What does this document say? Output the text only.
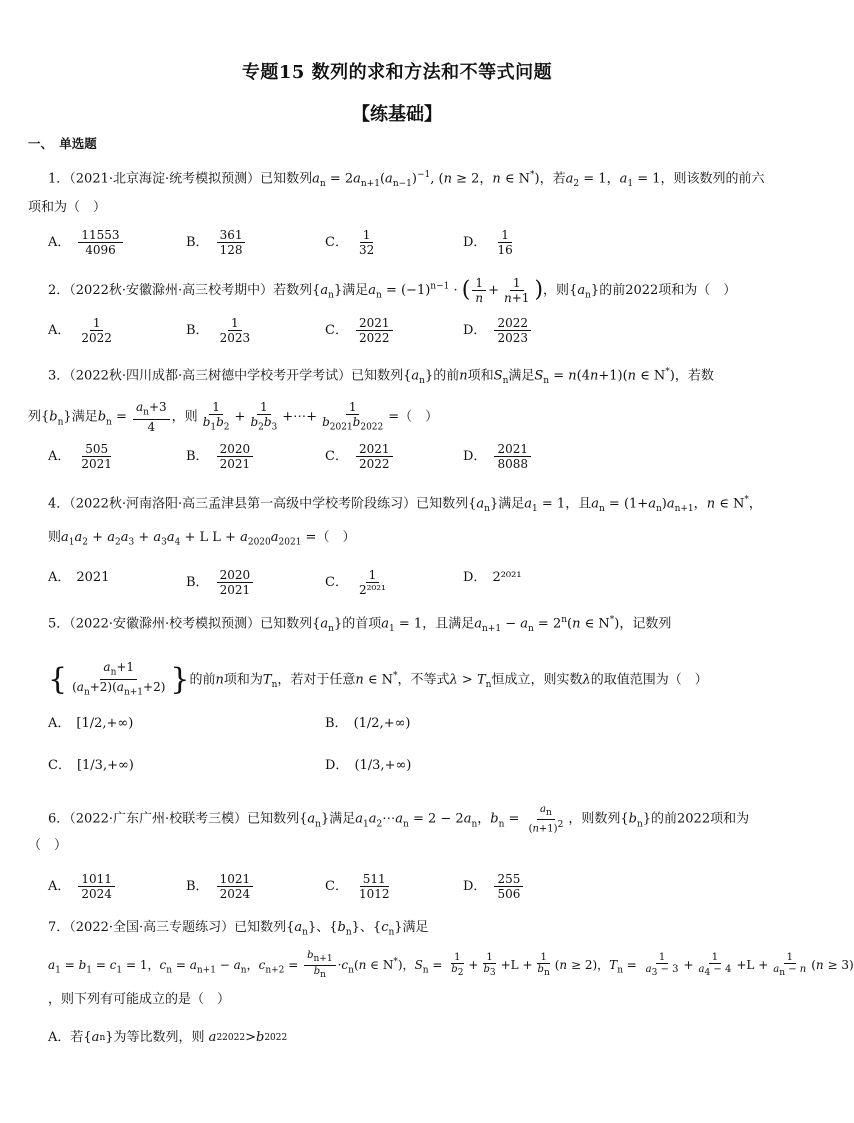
专题15 数列的求和方法和不等式问题
【练基础】
一、　单选题
1．（2021·北京海淀·统考模拟预测）已知数列$a_n = 2a_{n+1}(a_{n-1})^{-1}$, (n ≥ 2，n ∈ N*)，若$a_2 = 1$，$a_1 = 1$，则该数列的前六
项和为（　）
A． $\frac{11553}{4096}$	B． $\frac{361}{128}$	C． $\frac{1}{32}$	D． $\frac{1}{16}$
2．（2022秋·安徽滁州·高三校考期中）若数列$\{a_n\}$满足$a_n = (-1)^{n-1}$ · ( $\frac{1}{n} + \frac{1}{n+1}$ )，则$\{a_n\}$的前2022项和为（　）
A． $\frac{1}{2022}$	B． $\frac{1}{2023}$	C． $\frac{2021}{2022}$	D． $\frac{2022}{2023}$
3．（2022秋·四川成都·高三树德中学校考开学考试）已知数列$\{a_n\}$的前n项和$S_n$满足$S_n = n(4n+1)(n$ ∈ N*)，若数
列$\{b_n\}$满足$b_n = \frac{a_n+3}{4}$ ，则 $\frac{1}{b_1b_2} + \frac{1}{b_2b_3}$ +⋯+ $\frac{1}{b_{2021}b_{2022}}$ =（　）
A． $\frac{505}{2021}$	B． $\frac{2020}{2021}$	C． $\frac{2021}{2022}$	D． $\frac{2021}{8088}$
4．（2022秋·河南洛阳·高三孟津县第一高级中学校考阶段练习）已知数列$\{a_n\}$满足$a_1 = 1$，且$a_n = (1+a_n)a_{n+1}$，n ∈ N*，
则$a_1a_2 + a_2a_3 + a_3a_4 + L$ $L + a_{2020}a_{2021}$ =（　）
A． 2021	B． $\frac{2020}{2021}$	C． $\frac{1}{\text{2²⁰²¹}}$	D． 2²⁰²¹
5．（2022·安徽滁州·校考模拟预测）已知数列$\{a_n\}$的首项$a_1 = 1$，且满足$a_{n+1} - a_n = 2^n(n$ ∈ N*)，记数列
{ $\frac{a_n+1}{(a_n+2)(a_{n+1}+2)}$ }的前n项和为$T_n$，若对于任意n ∈ N*，不等式$\lambda > T_n$恒成立，则实数λ的取值范围为（　）
A． [1/2,+∞)	B． (1/2,+∞)
C． [1/3,+∞)	D． (1/3,+∞)
6．（2022·广东广州·校联考三模）已知数列$\{a_n\}$满足$a_1a_2\cdots a_n = 2 - 2a_n$，$b_n = \frac{a_n}{(n+1)^2}$ ，则数列$\{b_n\}$的前2022项和为
（　）
A． $\frac{1011}{2024}$	B． $\frac{1021}{2024}$	C． $\frac{511}{1012}$	D． $\frac{255}{506}$
7．（2022·全国·高三专题练习）已知数列$\{a_n\}$、$\{b_n\}$、$\{c_n\}$满足
$a_1 = b_1 = c_1 = 1$，$c_n = a_{n+1} - a_n$，$c_{n+2} = \frac{b_{n+1}}{b_n} \cdot c_n(n$ ∈ N*)，$S_n = \frac{1}{b_2} + \frac{1}{b_3} +L + \frac{1}{b_n} (n \ge 2)$，$T_n = \frac{1}{a_3 - 3} + \frac{1}{a_4 - 4} +L + \frac{1}{a_n - n} (n \ge 3)$
，则下列有可能成立的是（　）
A．若 { a n } 为等比数列，则
a 2 2022 > b 2022
